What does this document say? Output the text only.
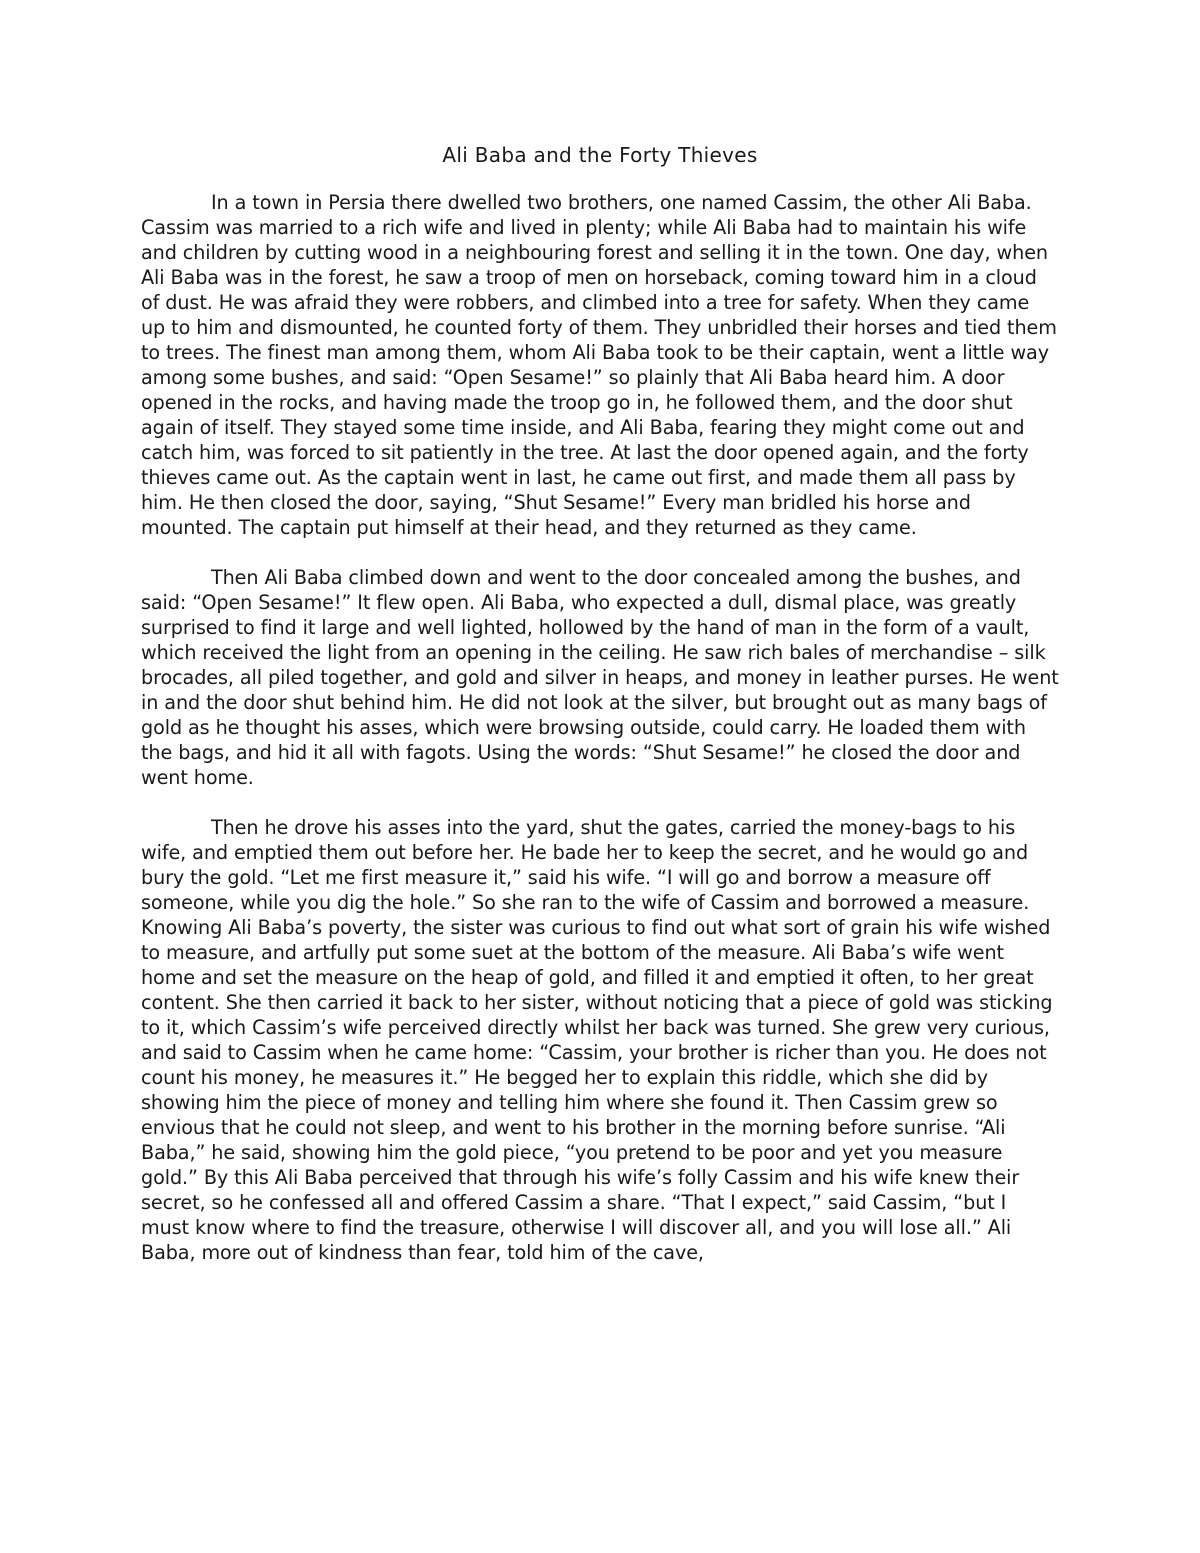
Ali Baba and the Forty Thieves

In a town in Persia there dwelled two brothers, one named Cassim, the other Ali Baba. Cassim was married to a rich wife and lived in plenty; while Ali Baba had to maintain his wife and children by cutting wood in a neighbouring forest and selling it in the town. One day, when Ali Baba was in the forest, he saw a troop of men on horseback, coming toward him in a cloud of dust. He was afraid they were robbers, and climbed into a tree for safety. When they came up to him and dismounted, he counted forty of them. They unbridled their horses and tied them to trees. The finest man among them, whom Ali Baba took to be their captain, went a little way among some bushes, and said: “Open Sesame!” so plainly that Ali Baba heard him. A door opened in the rocks, and having made the troop go in, he followed them, and the door shut again of itself. They stayed some time inside, and Ali Baba, fearing they might come out and catch him, was forced to sit patiently in the tree. At last the door opened again, and the forty thieves came out. As the captain went in last, he came out first, and made them all pass by him. He then closed the door, saying, “Shut Sesame!” Every man bridled his horse and mounted. The captain put himself at their head, and they returned as they came.

Then Ali Baba climbed down and went to the door concealed among the bushes, and said: “Open Sesame!” It flew open. Ali Baba, who expected a dull, dismal place, was greatly surprised to find it large and well lighted, hollowed by the hand of man in the form of a vault, which received the light from an opening in the ceiling. He saw rich bales of merchandise – silk brocades, all piled together, and gold and silver in heaps, and money in leather purses. He went in and the door shut behind him. He did not look at the silver, but brought out as many bags of gold as he thought his asses, which were browsing outside, could carry. He loaded them with the bags, and hid it all with fagots. Using the words: “Shut Sesame!” he closed the door and went home.

Then he drove his asses into the yard, shut the gates, carried the money-bags to his wife, and emptied them out before her. He bade her to keep the secret, and he would go and bury the gold. “Let me first measure it,” said his wife. “I will go and borrow a measure off someone, while you dig the hole.” So she ran to the wife of Cassim and borrowed a measure. Knowing Ali Baba’s poverty, the sister was curious to find out what sort of grain his wife wished to measure, and artfully put some suet at the bottom of the measure. Ali Baba’s wife went home and set the measure on the heap of gold, and filled it and emptied it often, to her great content. She then carried it back to her sister, without noticing that a piece of gold was sticking to it, which Cassim’s wife perceived directly whilst her back was turned. She grew very curious, and said to Cassim when he came home: “Cassim, your brother is richer than you. He does not count his money, he measures it.” He begged her to explain this riddle, which she did by showing him the piece of money and telling him where she found it. Then Cassim grew so envious that he could not sleep, and went to his brother in the morning before sunrise. “Ali Baba,” he said, showing him the gold piece, “you pretend to be poor and yet you measure gold.” By this Ali Baba perceived that through his wife’s folly Cassim and his wife knew their secret, so he confessed all and offered Cassim a share. “That I expect,” said Cassim, “but I must know where to find the treasure, otherwise I will discover all, and you will lose all.” Ali Baba, more out of kindness than fear, told him of the cave,
